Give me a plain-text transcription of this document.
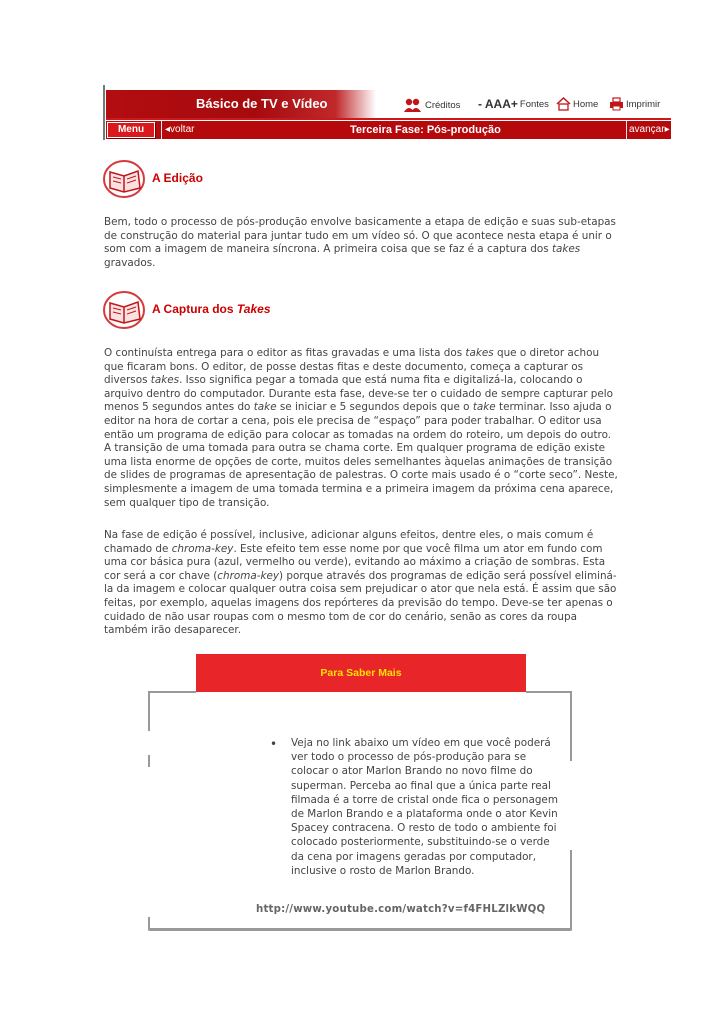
Básico de TV e Vídeo	Créditos - AAA+ Fontes	Home	Imprimir
Menu	◂voltar	Terceira Fase: Pós-produção	avançar▸
A Edição

Bem, todo o processo de pós-produção envolve basicamente a etapa de edição e suas sub-etapas de construção do material para juntar tudo em um vídeo só. O que acontece nesta etapa é unir o som com a imagem de maneira síncrona. A primeira coisa que se faz é a captura dos takes gravados.

A Captura dos Takes

O continuísta entrega para o editor as fitas gravadas e uma lista dos takes que o diretor achou que ficaram bons. O editor, de posse destas fitas e deste documento, começa a capturar os diversos takes. Isso significa pegar a tomada que está numa fita e digitalizá-la, colocando o arquivo dentro do computador. Durante esta fase, deve-se ter o cuidado de sempre capturar pelo menos 5 segundos antes do take se iniciar e 5 segundos depois que o take terminar. Isso ajuda o editor na hora de cortar a cena, pois ele precisa de “espaço” para poder trabalhar. O editor usa então um programa de edição para colocar as tomadas na ordem do roteiro, um depois do outro. A transição de uma tomada para outra se chama corte. Em qualquer programa de edição existe uma lista enorme de opções de corte, muitos deles semelhantes àquelas animações de transição de slides de programas de apresentação de palestras. O corte mais usado é o “corte seco”. Neste, simplesmente a imagem de uma tomada termina e a primeira imagem da próxima cena aparece, sem qualquer tipo de transição.

Na fase de edição é possível, inclusive, adicionar alguns efeitos, dentre eles, o mais comum é chamado de chroma-key. Este efeito tem esse nome por que você filma um ator em fundo com uma cor básica pura (azul, vermelho ou verde), evitando ao máximo a criação de sombras. Esta cor será a cor chave (chroma-key) porque através dos programas de edição será possível eliminá-la da imagem e colocar qualquer outra coisa sem prejudicar o ator que nela está. É assim que são feitas, por exemplo, aquelas imagens dos repórteres da previsão do tempo. Deve-se ter apenas o cuidado de não usar roupas com o mesmo tom de cor do cenário, senão as cores da roupa também irão desaparecer.

Para Saber Mais
• Veja no link abaixo um vídeo em que você poderá ver todo o processo de pós-produção para se colocar o ator Marlon Brando no novo filme do superman. Perceba ao final que a única parte real filmada é a torre de cristal onde fica o personagem de Marlon Brando e a plataforma onde o ator Kevin Spacey contracena. O resto de todo o ambiente foi colocado posteriormente, substituindo-se o verde da cena por imagens geradas por computador, inclusive o rosto de Marlon Brando.
http://www.youtube.com/watch?v=f4FHLZlkWQQ
